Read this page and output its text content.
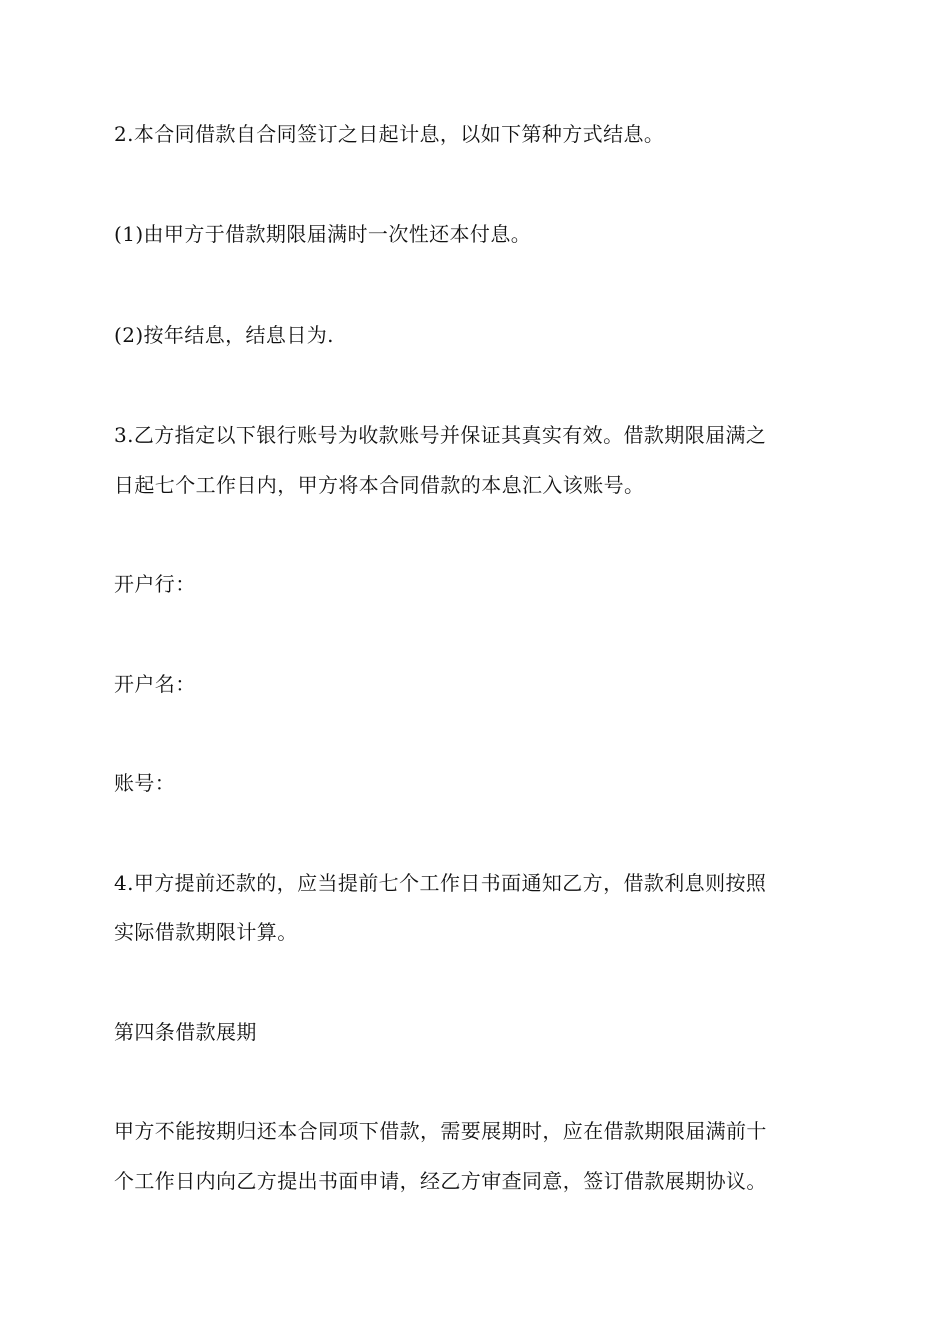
2.本合同借款自合同签订之日起计息，以如下第种方式结息。
(1)由甲方于借款期限届满时一次性还本付息。
(2)按年结息，结息日为.
3.乙方指定以下银行账号为收款账号并保证其真实有效。借款期限届满之
日起七个工作日内，甲方将本合同借款的本息汇入该账号。
开户行：
开户名：
账号：
4.甲方提前还款的，应当提前七个工作日书面通知乙方，借款利息则按照
实际借款期限计算。
第四条借款展期
甲方不能按期归还本合同项下借款，需要展期时，应在借款期限届满前十
个工作日内向乙方提出书面申请，经乙方审查同意，签订借款展期协议。
